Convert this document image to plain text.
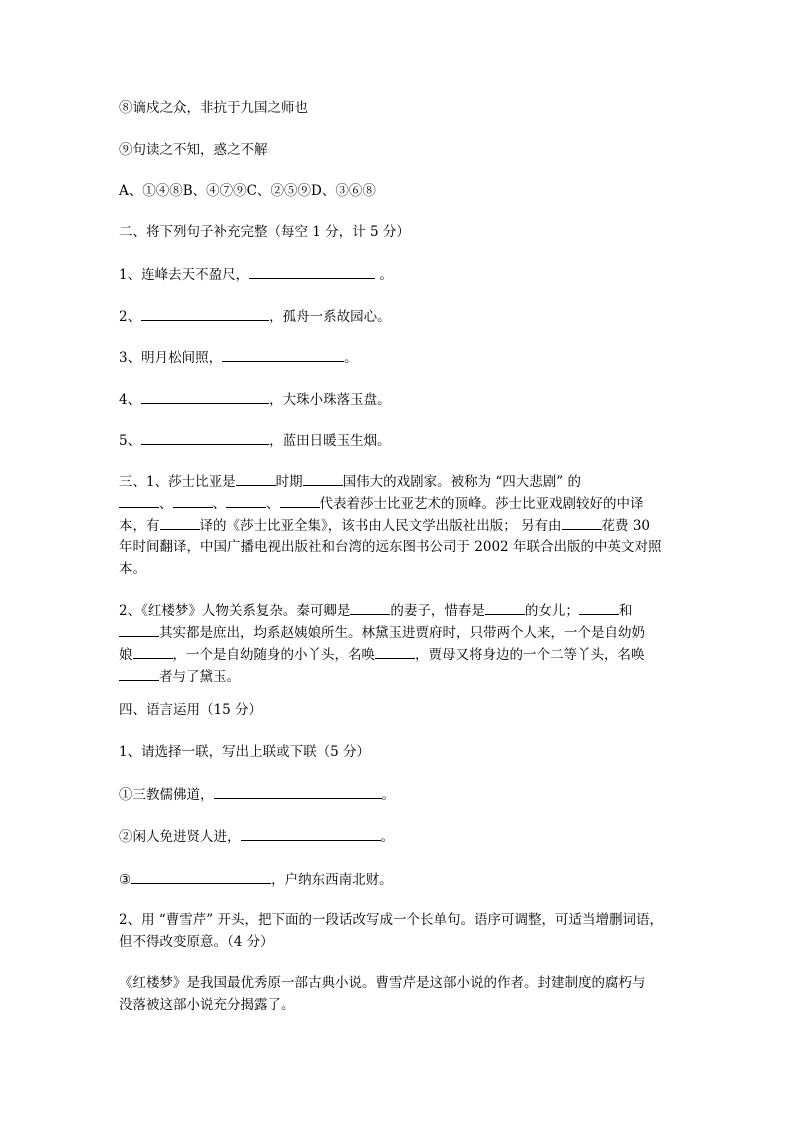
⑧谪戍之众，非抗于九国之师也
⑨句读之不知，惑之不解
A、①④⑧B、④⑦⑨C、②⑤⑨D、③⑥⑧
二、将下列句子补充完整（每空 1 分，计 5 分）
1、连峰去天不盈尺，	。
2、	，孤舟一系故园心。
3、明月松间照，	。
4、	，大珠小珠落玉盘。
5、	，蓝田日暖玉生烟。
三、1、莎士比亚是	时期	国伟大的戏剧家。被称为 “四大悲剧” 的
、	、	、	代表着莎士比亚艺术的顶峰。莎士比亚戏剧较好的中译
本，有	译的《莎士比亚全集》，该书由人民文学出版社出版； 另有由	花费 30
年时间翻译，中国广播电视出版社和台湾的远东图书公司于 2002 年联合出版的中英文对照
本。
2、《红楼梦》人物关系复杂。秦可卿是	的妻子，惜春是	的女儿；	和
其实都是庶出，均系赵姨娘所生。林黛玉进贾府时，只带两个人来，一个是自幼奶
娘	，一个是自幼随身的小丫头，名唤	，贾母又将身边的一个二等丫头，名唤
者与了黛玉。
四、语言运用（15 分）
1、请选择一联，写出上联或下联（5 分）
①三教儒佛道，	。
②闲人免进贤人进，	。
③	，户纳东西南北财。
2、用 “曹雪芹” 开头，把下面的一段话改写成一个长单句。语序可调整，可适当增删词语，
但不得改变原意。（4 分）
《红楼梦》是我国最优秀原一部古典小说。曹雪芹是这部小说的作者。封建制度的腐朽与
没落被这部小说充分揭露了。
